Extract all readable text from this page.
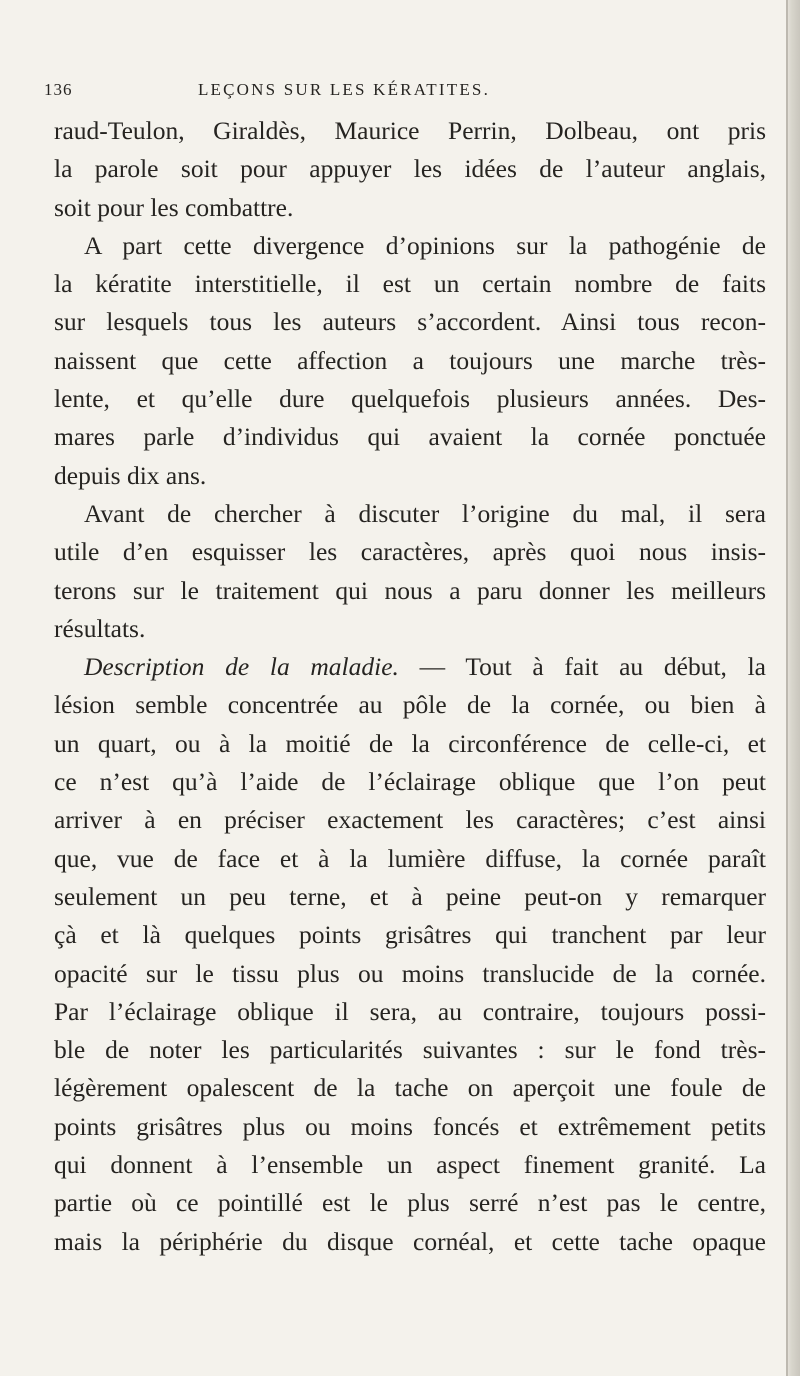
136	LEÇONS SUR LES KÉRATITES.
raud-Teulon, Giraldès, Maurice Perrin, Dolbeau, ont pris
la parole soit pour appuyer les idées de l’auteur anglais,
soit pour les combattre.
A part cette divergence d’opinions sur la pathogénie de
la kératite interstitielle, il est un certain nombre de faits
sur lesquels tous les auteurs s’accordent. Ainsi tous recon-
naissent que cette affection a toujours une marche très-
lente, et qu’elle dure quelquefois plusieurs années. Des-
mares parle d’individus qui avaient la cornée ponctuée
depuis dix ans.
Avant de chercher à discuter l’origine du mal, il sera
utile d’en esquisser les caractères, après quoi nous insis-
terons sur le traitement qui nous a paru donner les meilleurs
résultats.
Description de la maladie. — Tout à fait au début, la
lésion semble concentrée au pôle de la cornée, ou bien à
un quart, ou à la moitié de la circonférence de celle-ci, et
ce n’est qu’à l’aide de l’éclairage oblique que l’on peut
arriver à en préciser exactement les caractères; c’est ainsi
que, vue de face et à la lumière diffuse, la cornée paraît
seulement un peu terne, et à peine peut-on y remarquer
çà et là quelques points grisâtres qui tranchent par leur
opacité sur le tissu plus ou moins translucide de la cornée.
Par l’éclairage oblique il sera, au contraire, toujours possi-
ble de noter les particularités suivantes : sur le fond très-
légèrement opalescent de la tache on aperçoit une foule de
points grisâtres plus ou moins foncés et extrêmement petits
qui donnent à l’ensemble un aspect finement granité. La
partie où ce pointillé est le plus serré n’est pas le centre,
mais la périphérie du disque cornéal, et cette tache opaque
